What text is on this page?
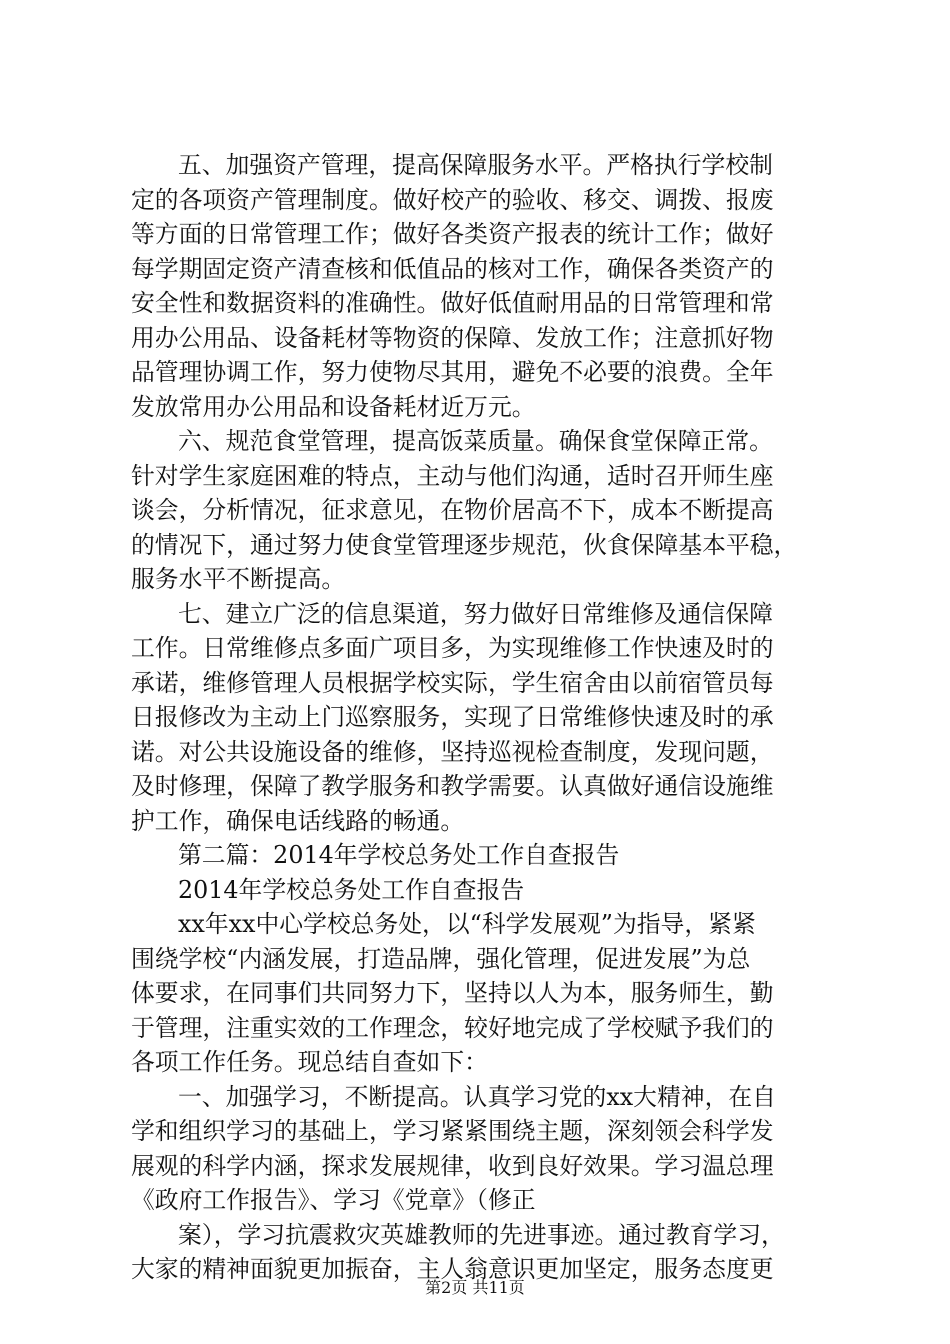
五、加强资产管理，提高保障服务水平。严格执行学校制
定的各项资产管理制度。做好校产的验收、移交、调拨、报废
等方面的日常管理工作；做好各类资产报表的统计工作；做好
每学期固定资产清查核和低值品的核对工作，确保各类资产的
安全性和数据资料的准确性。做好低值耐用品的日常管理和常
用办公用品、设备耗材等物资的保障、发放工作；注意抓好物
品管理协调工作，努力使物尽其用，避免不必要的浪费。全年
发放常用办公用品和设备耗材近万元。
六、规范食堂管理，提高饭菜质量。确保食堂保障正常。
针对学生家庭困难的特点，主动与他们沟通，适时召开师生座
谈会，分析情况，征求意见，在物价居高不下，成本不断提高
的情况下，通过努力使食堂管理逐步规范，伙食保障基本平稳，
服务水平不断提高。
七、建立广泛的信息渠道，努力做好日常维修及通信保障
工作。日常维修点多面广项目多，为实现维修工作快速及时的
承诺，维修管理人员根据学校实际，学生宿舍由以前宿管员每
日报修改为主动上门巡察服务，实现了日常维修快速及时的承
诺。对公共设施设备的维修，坚持巡视检查制度，发现问题，
及时修理，保障了教学服务和教学需要。认真做好通信设施维
护工作，确保电话线路的畅通。
第二篇：2014年学校总务处工作自查报告
2014年学校总务处工作自查报告
xx年xx中心学校总务处，以“科学发展观”为指导，紧紧
围绕学校“内涵发展，打造品牌，强化管理，促进发展”为总
体要求，在同事们共同努力下，坚持以人为本，服务师生，勤
于管理，注重实效的工作理念，较好地完成了学校赋予我们的
各项工作任务。现总结自查如下：
一、加强学习，不断提高。认真学习党的xx大精神，在自
学和组织学习的基础上，学习紧紧围绕主题，深刻领会科学发
展观的科学内涵，探求发展规律，收到良好效果。学习温总理
《政府工作报告》、学习《党章》（修正
案），学习抗震救灾英雄教师的先进事迹。通过教育学习，
大家的精神面貌更加振奋，主人翁意识更加坚定，服务态度更
第2页 共11页
